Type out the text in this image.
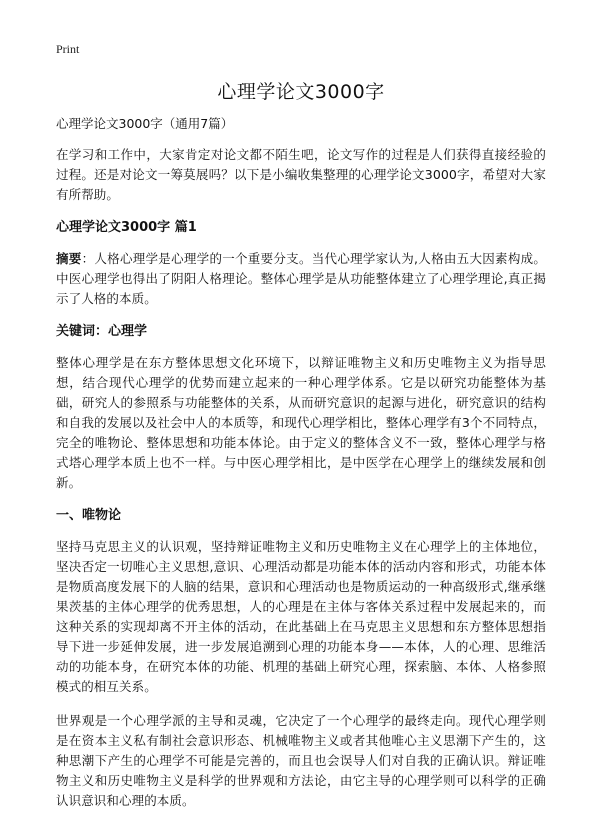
Print
心理学论文3000字
心理学论文3000字（通用7篇）

在学习和工作中，大家肯定对论文都不陌生吧，论文写作的过程是人们获得直接经验的过程。还是对论文一筹莫展吗？以下是小编收集整理的心理学论文3000字，希望对大家有所帮助。

心理学论文3000字 篇1

摘要：人格心理学是心理学的一个重要分支。当代心理学家认为,人格由五大因素构成。中医心理学也得出了阴阳人格理论。整体心理学是从功能整体建立了心理学理论,真正揭示了人格的本质。

关键词：心理学

整体心理学是在东方整体思想文化环境下，以辩证唯物主义和历史唯物主义为指导思想，结合现代心理学的优势而建立起来的一种心理学体系。它是以研究功能整体为基础，研究人的参照系与功能整体的关系，从而研究意识的起源与进化，研究意识的结构和自我的发展以及社会中人的本质等，和现代心理学相比，整体心理学有3个不同特点，完全的唯物论、整体思想和功能本体论。由于定义的整体含义不一致，整体心理学与格式塔心理学本质上也不一样。与中医心理学相比，是中医学在心理学上的继续发展和创新。

一、唯物论

坚持马克思主义的认识观，坚持辩证唯物主义和历史唯物主义在心理学上的主体地位，坚决否定一切唯心主义思想,意识、心理活动都是功能本体的活动内容和形式，功能本体是物质高度发展下的人脑的结果，意识和心理活动也是物质运动的一种高级形式,继承继果茨基的主体心理学的优秀思想，人的心理是在主体与客体关系过程中发展起来的，而这种关系的实现却离不开主体的活动，在此基础上在马克思主义思想和东方整体思想指导下进一步延伸发展，进一步发展追溯到心理的功能本身——本体，人的心理、思维活动的功能本身，在研究本体的功能、机理的基础上研究心理，探索脑、本体、人格参照模式的相互关系。

世界观是一个心理学派的主导和灵魂，它决定了一个心理学的最终走向。现代心理学则是在资本主义私有制社会意识形态、机械唯物主义或者其他唯心主义思潮下产生的，这种思潮下产生的心理学不可能是完善的，而且也会误导人们对自我的正确认识。辩证唯物主义和历史唯物主义是科学的世界观和方法论，由它主导的心理学则可以科学的正确认识意识和心理的本质。
